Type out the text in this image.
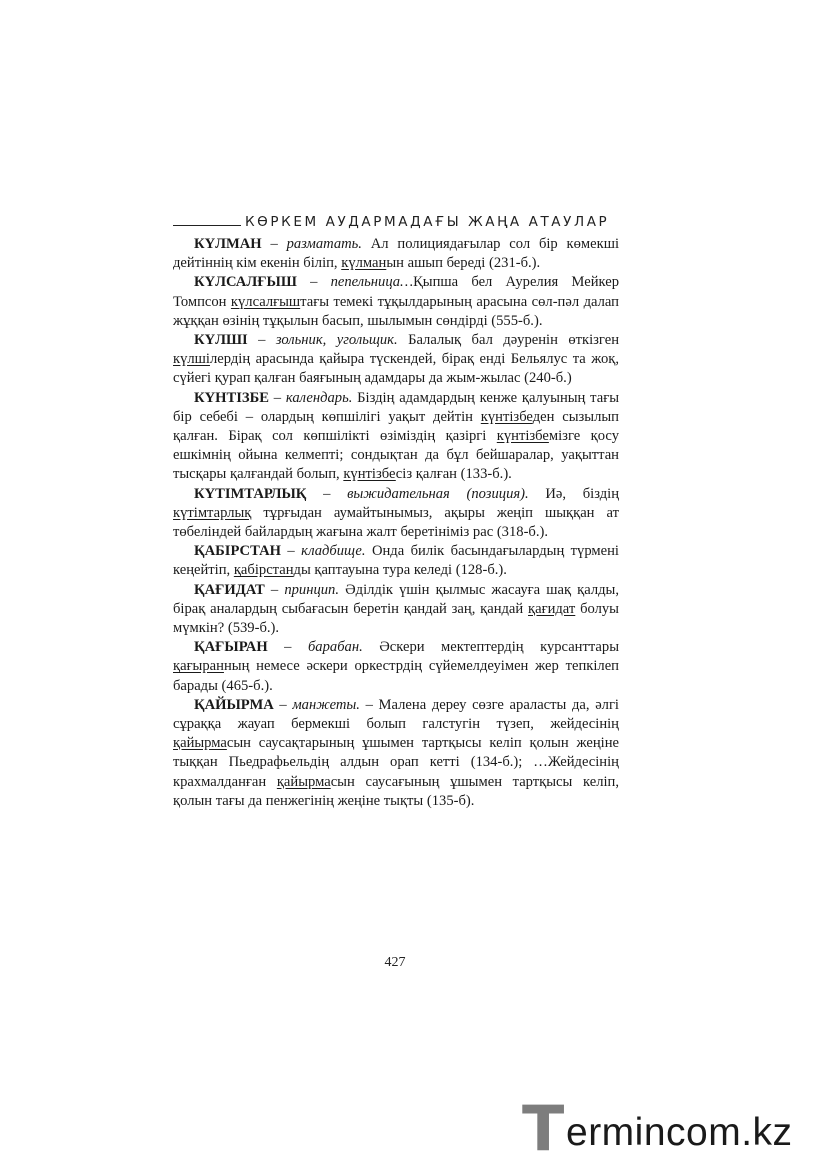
КӨРКЕМ АУДАРМАДАҒЫ ЖАҢА АТАУЛАР

КҮЛМАН – разматать. Ал полициядағылар сол бір көмекші дейтіннің кім екенін біліп, күлманын ашып береді (231-б.).

КҮЛСАЛҒЫШ – пепельница…Қыпша бел Аурелия Мейкер Томпсон күлсалғыштағы темекі тұқылдарының арасына сөл-пәл далап жұққан өзінің тұқылын басып, шылымын сөндірді (555-б.).

КҮЛШІ – зольник, угольщик. Балалық бал дәуренін өткізген күлшілердің арасында қайыра түскендей, бірақ енді Бельялус та жоқ, сүйегі қурап қалған баяғының адамдары да жым-жылас (240-б.)

КҮНТІЗБЕ – календарь. Біздің адамдардың кенже қалуының тағы бір себебі – олардың көпшілігі уақыт дейтін күнтізбеден сызылып қалған. Бірақ сол көпшілікті өзіміздің қазіргі күнтізбемізге қосу ешкімнің ойына келмепті; сондықтан да бұл бейшаралар, уақыттан тысқары қалғандай болып, күнтізбесіз қалған (133-б.).

КҮТІМТАРЛЫҚ – выжидательная (позиция). Иә, біздің күтімтарлық тұрғыдан аумайтынымыз, ақыры жеңіп шыққан ат төбеліндей байлардың жағына жалт беретініміз рас (318-б.).

ҚАБІРСТАН – кладбище. Онда билік басындағылардың түрмені кеңейтіп, қабірстанды қаптауына тура келеді (128-б.).

ҚАҒИДАТ – принцип. Әділдік үшін қылмыс жасауға шақ қалды, бірақ аналардың сыбағасын беретін қандай заң, қандай қағидат болуы мүмкін? (539-б.).

ҚАҒЫРАН – барабан. Әскери мектептердің курсанттары қағыранның немесе әскери оркестрдің сүйемелдеуімен жер тепкілеп барады (465-б.).

ҚАЙЫРМА – манжеты. – Малена дереу сөзге араласты да, әлгі сұраққа жауап бермекші болып галстугін түзеп, жейдесінің қайырмасын саусақтарының ұшымен тартқысы келіп қолын жеңіне тыққан Пьедрафьельдің алдын орап кетті (134-б.); …Жейдесінің крахмалданған қайырмасын саусағының ұшымен тартқысы келіп, қолын тағы да пенжегінің жеңіне тықты (135-б).

427
T ermincom.kz
